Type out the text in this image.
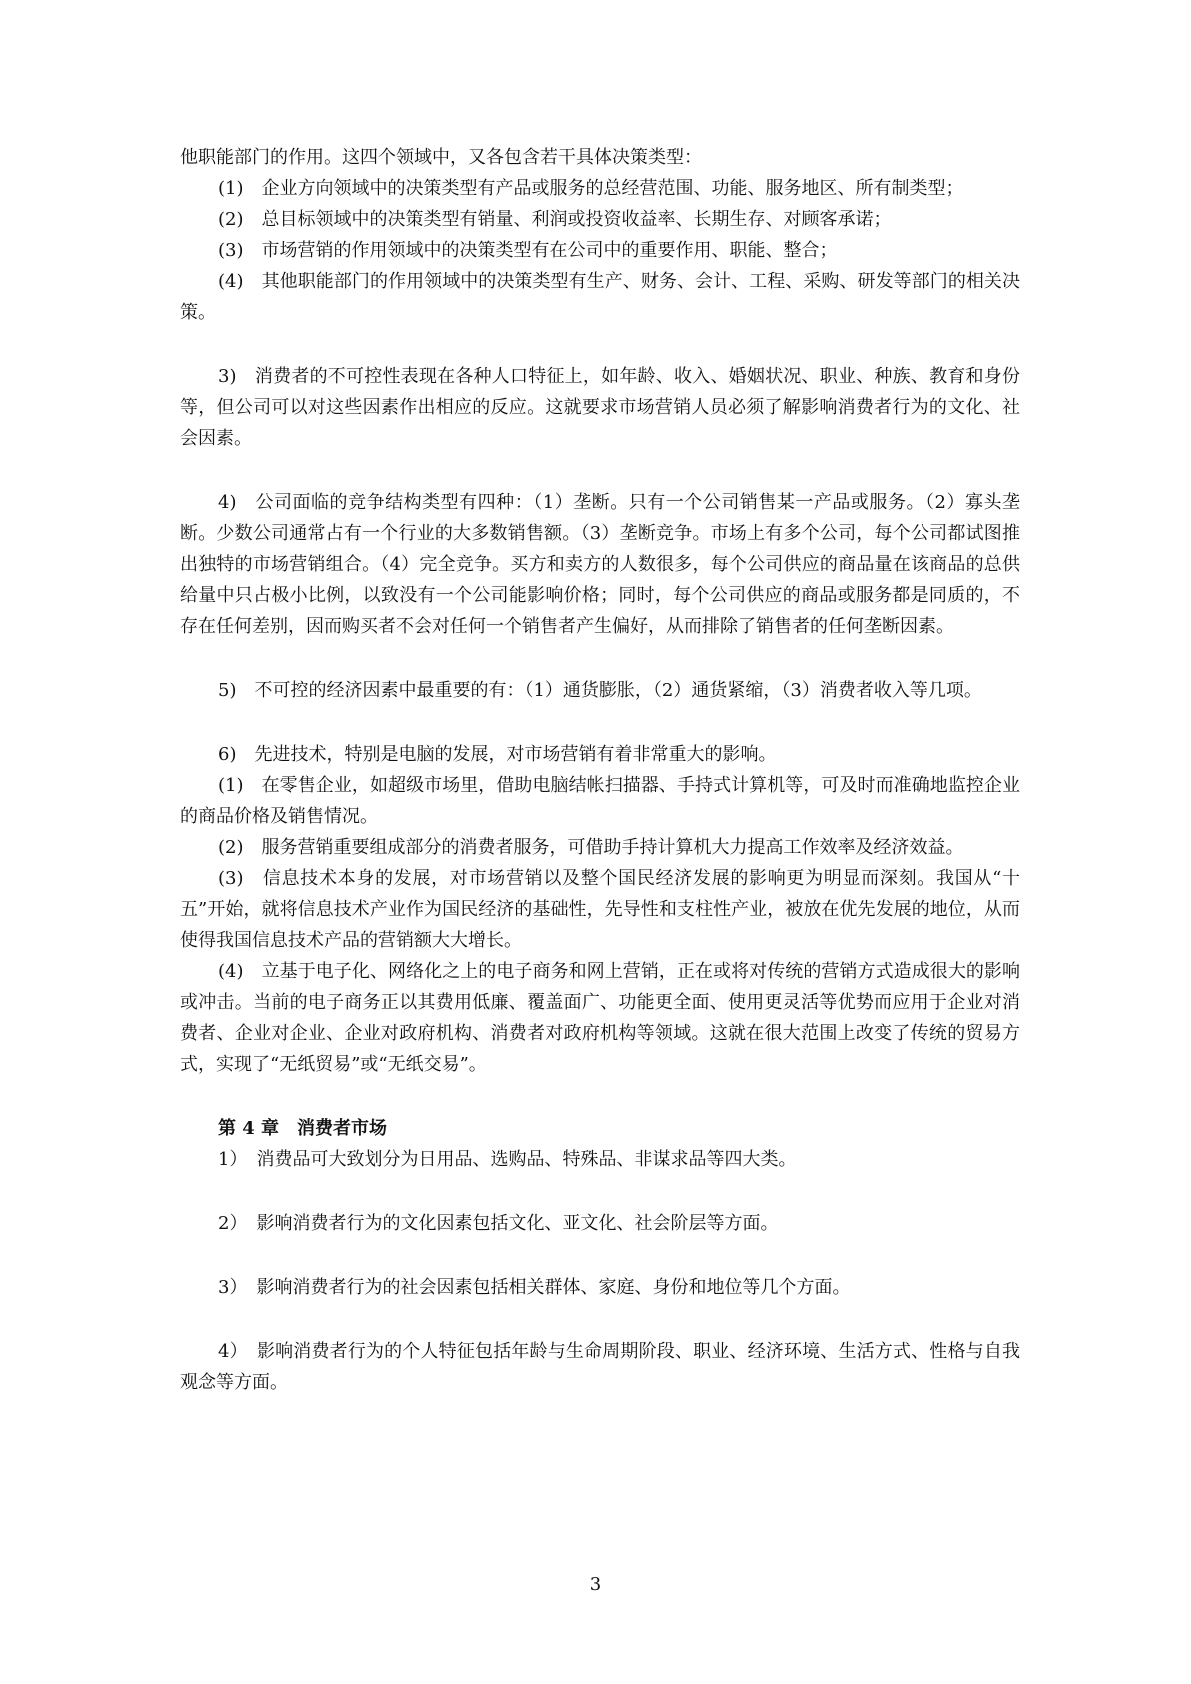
他职能部门的作用。这四个领域中，又各包含若干具体决策类型：

(1)　企业方向领域中的决策类型有产品或服务的总经营范围、功能、服务地区、所有制类型；

(2)　总目标领域中的决策类型有销量、利润或投资收益率、长期生存、对顾客承诺；

(3)　市场营销的作用领域中的决策类型有在公司中的重要作用、职能、整合；

(4)　其他职能部门的作用领域中的决策类型有生产、财务、会计、工程、采购、研发等部门的相关决策。

3)　消费者的不可控性表现在各种人口特征上，如年龄、收入、婚姻状况、职业、种族、教育和身份等，但公司可以对这些因素作出相应的反应。这就要求市场营销人员必须了解影响消费者行为的文化、社会因素。

4)　公司面临的竞争结构类型有四种：（1）垄断。只有一个公司销售某一产品或服务。（2）寡头垄断。少数公司通常占有一个行业的大多数销售额。（3）垄断竞争。市场上有多个公司，每个公司都试图推出独特的市场营销组合。（4）完全竞争。买方和卖方的人数很多，每个公司供应的商品量在该商品的总供给量中只占极小比例，以致没有一个公司能影响价格；同时，每个公司供应的商品或服务都是同质的，不存在任何差别，因而购买者不会对任何一个销售者产生偏好，从而排除了销售者的任何垄断因素。

5)　不可控的经济因素中最重要的有：（1）通货膨胀，（2）通货紧缩，（3）消费者收入等几项。

6)　先进技术，特别是电脑的发展，对市场营销有着非常重大的影响。

(1)　在零售企业，如超级市场里，借助电脑结帐扫描器、手持式计算机等，可及时而准确地监控企业的商品价格及销售情况。

(2)　服务营销重要组成部分的消费者服务，可借助手持计算机大力提高工作效率及经济效益。

(3)　信息技术本身的发展，对市场营销以及整个国民经济发展的影响更为明显而深刻。我国从“十五”开始，就将信息技术产业作为国民经济的基础性，先导性和支柱性产业，被放在优先发展的地位，从而使得我国信息技术产品的营销额大大增长。

(4)　立基于电子化、网络化之上的电子商务和网上营销，正在或将对传统的营销方式造成很大的影响或冲击。当前的电子商务正以其费用低廉、覆盖面广、功能更全面、使用更灵活等优势而应用于企业对消费者、企业对企业、企业对政府机构、消费者对政府机构等领域。这就在很大范围上改变了传统的贸易方式，实现了“无纸贸易”或“无纸交易”。

第 4 章　消费者市场

1）　消费品可大致划分为日用品、选购品、特殊品、非谋求品等四大类。

2）　影响消费者行为的文化因素包括文化、亚文化、社会阶层等方面。

3）　影响消费者行为的社会因素包括相关群体、家庭、身份和地位等几个方面。

4）　影响消费者行为的个人特征包括年龄与生命周期阶段、职业、经济环境、生活方式、性格与自我观念等方面。

3
